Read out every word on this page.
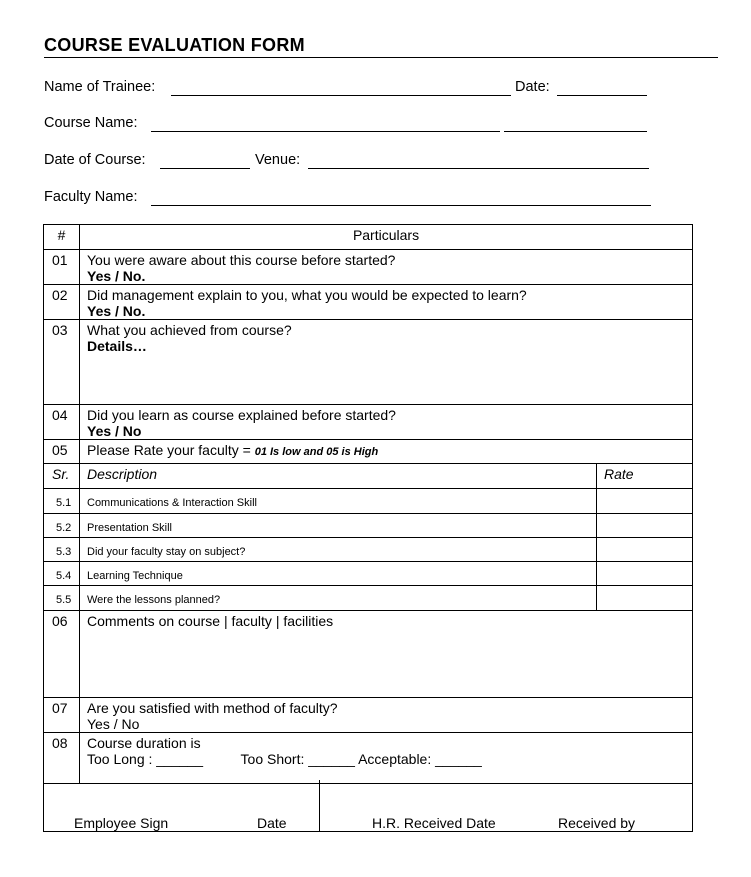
COURSE EVALUATION FORM
Name of Trainee:	Date:
Course Name:
Date of Course:	Venue:
Faculty Name:
#	Particulars	
01	You were aware about this course before started?
Yes / No.	

02	Did management explain to you, what you would be expected to learn?
Yes / No.	

03	What you achieved from course?
Details…	

04	Did you learn as course explained before started?
Yes / No	

05	Please Rate your faculty = 01 Is low and 05 is High	
Sr.	Description	Rate
5.1	Communications & Interaction Skill	
5.2	Presentation Skill	
5.3	Did your faculty stay on subject?	
5.4	Learning Technique	
5.5	Were the lessons planned?	
06	Comments on course | faculty | facilities	

07	Are you satisfied with method of faculty?
Yes / No	

08	Course duration is
Too Long : ______ Too Short: ______ Acceptable: ______	
Employee Sign	Date	H.R. Received Date	Received by
